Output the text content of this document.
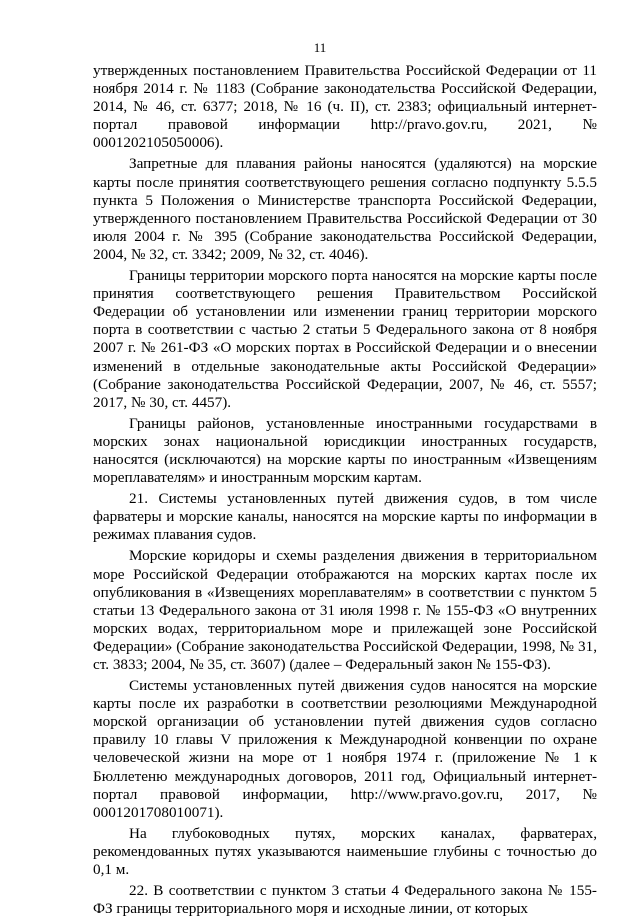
11

утвержденных постановлением Правительства Российской Федерации от 11 ноября 2014 г. № 1183 (Собрание законодательства Российской Федерации, 2014, № 46, ст. 6377; 2018, № 16 (ч. II), ст. 2383; официальный интернет-портал правовой информации http://pravo.gov.ru, 2021, № 0001202105050006).

Запретные для плавания районы наносятся (удаляются) на морские карты после принятия соответствующего решения согласно подпункту 5.5.5 пункта 5 Положения о Министерстве транспорта Российской Федерации, утвержденного постановлением Правительства Российской Федерации от 30 июля 2004 г. № 395 (Собрание законодательства Российской Федерации, 2004, № 32, ст. 3342; 2009, № 32, ст. 4046).

Границы территории морского порта наносятся на морские карты после принятия соответствующего решения Правительством Российской Федерации об установлении или изменении границ территории морского порта в соответствии с частью 2 статьи 5 Федерального закона от 8 ноября 2007 г. № 261-ФЗ «О морских портах в Российской Федерации и о внесении изменений в отдельные законодательные акты Российской Федерации» (Собрание законодательства Российской Федерации, 2007, № 46, ст. 5557; 2017, № 30, ст. 4457).

Границы районов, установленные иностранными государствами в морских зонах национальной юрисдикции иностранных государств, наносятся (исключаются) на морские карты по иностранным «Извещениям мореплавателям» и иностранным морским картам.

21. Системы установленных путей движения судов, в том числе фарватеры и морские каналы, наносятся на морские карты по информации в режимах плавания судов.

Морские коридоры и схемы разделения движения в территориальном море Российской Федерации отображаются на морских картах после их опубликования в «Извещениях мореплавателям» в соответствии с пунктом 5 статьи 13 Федерального закона от 31 июля 1998 г. № 155-ФЗ «О внутренних морских водах, территориальном море и прилежащей зоне Российской Федерации» (Собрание законодательства Российской Федерации, 1998, № 31, ст. 3833; 2004, № 35, ст. 3607) (далее – Федеральный закон № 155-ФЗ).

Системы установленных путей движения судов наносятся на морские карты после их разработки в соответствии резолюциями Международной морской организации об установлении путей движения судов согласно правилу 10 главы V приложения к Международной конвенции по охране человеческой жизни на море от 1 ноября 1974 г. (приложение № 1 к Бюллетеню международных договоров, 2011 год, Официальный интернет-портал правовой информации, http://www.pravo.gov.ru, 2017, № 0001201708010071).

На глубоководных путях, морских каналах, фарватерах, рекомендованных путях указываются наименьшие глубины с точностью до 0,1 м.

22. В соответствии с пунктом 3 статьи 4 Федерального закона № 155-ФЗ границы территориального моря и исходные линии, от которых
